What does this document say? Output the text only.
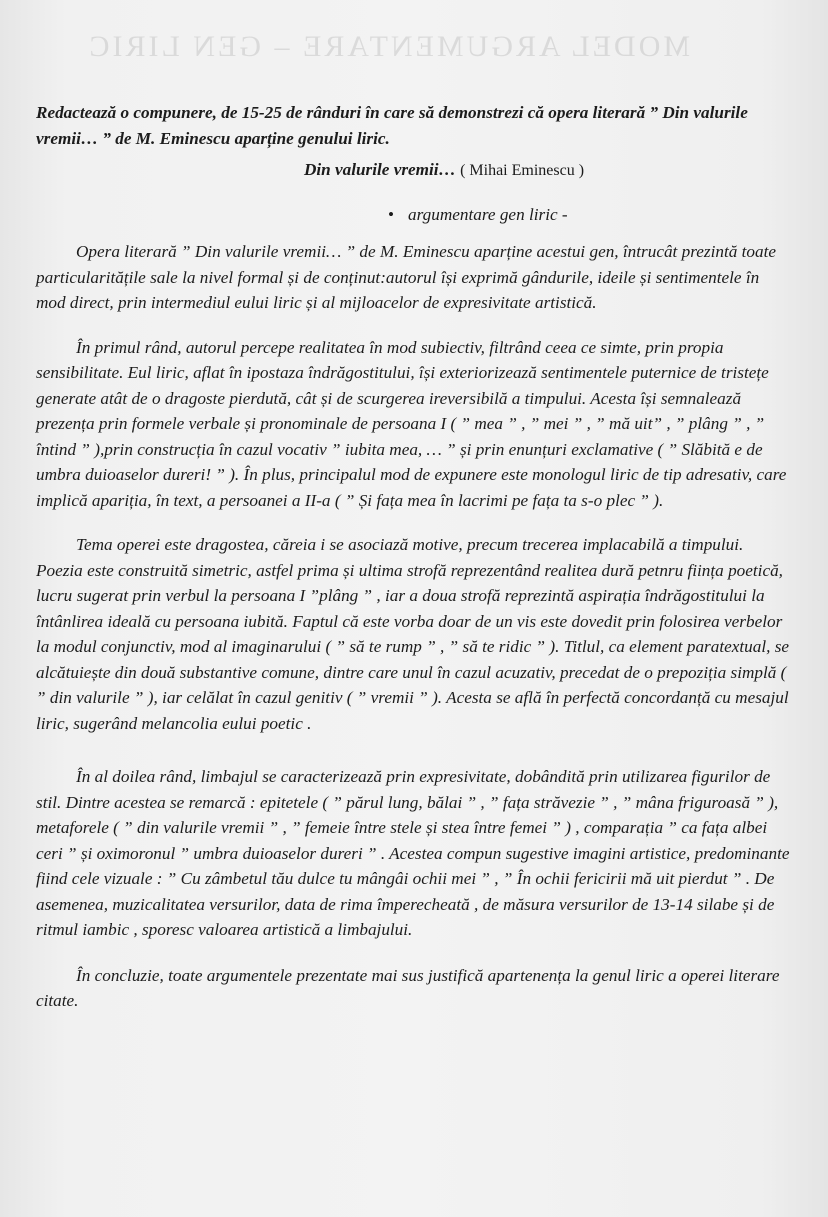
MODEL ARGUMENTARE – GEN LIRIC

Redactează o compunere, de 15-25 de rânduri în care să demonstrezi că opera literară ” Din valurile vremii… ” de M. Eminescu aparține genului liric.

Din valurile vremii… ( Mihai Eminescu )
• argumentare gen liric -

Opera literară ” Din valurile vremii… ” de M. Eminescu aparține acestui gen, întrucât prezintă toate particularitățile sale la nivel formal și de conținut:autorul își exprimă gândurile, ideile și sentimentele în mod direct, prin intermediul eului liric și al mijloacelor de expresivitate artistică.

În primul rând, autorul percepe realitatea în mod subiectiv, filtrând ceea ce simte, prin propia sensibilitate. Eul liric, aflat în ipostaza îndrăgostitului, își exteriorizează sentimentele puternice de tristețe generate atât de o dragoste pierdută, cât și de scurgerea ireversibilă a timpului. Acesta își semnalează prezența prin formele verbale și pronominale de persoana I ( ” mea ” , ” mei ” , ” mă uit” , ” plâng ” , ” întind ” ),prin construcția în cazul vocativ ” iubita mea, … ” și prin enunțuri exclamative ( ” Slăbită e de umbra duioaselor dureri! ” ). În plus, principalul mod de expunere este monologul liric de tip adresativ, care implică apariția, în text, a persoanei a II-a ( ” Și fața mea în lacrimi pe fața ta s-o plec ” ).

Tema operei este dragostea, căreia i se asociază motive, precum trecerea implacabilă a timpului. Poezia este construită simetric, astfel prima și ultima strofă reprezentând realitea dură petnru ființa poetică, lucru sugerat prin verbul la persoana I ”plâng ” , iar a doua strofă reprezintă aspirația îndrăgostitului la întânlirea ideală cu persoana iubită. Faptul că este vorba doar de un vis este dovedit prin folosirea verbelor la modul conjunctiv, mod al imaginarului ( ” să te rump ” , ” să te ridic ” ). Titlul, ca element paratextual, se alcătuiește din două substantive comune, dintre care unul în cazul acuzativ, precedat de o prepoziția simplă ( ” din valurile ” ), iar celălat în cazul genitiv ( ” vremii ” ). Acesta se află în perfectă concordanță cu mesajul liric, sugerând melancolia eului poetic .

În al doilea rând, limbajul se caracterizează prin expresivitate, dobândită prin utilizarea figurilor de stil. Dintre acestea se remarcă : epitetele ( ” părul lung, bălai ” , ” fața străvezie ” , ” mâna friguroasă ” ), metaforele ( ” din valurile vremii ” , ” femeie între stele și stea între femei ” ) , comparația ” ca fața albei ceri ” și oximoronul ” umbra duioaselor dureri ” . Acestea compun sugestive imagini artistice, predominante fiind cele vizuale : ” Cu zâmbetul tău dulce tu mângâi ochii mei ” , ” În ochii fericirii mă uit pierdut ” . De asemenea, muzicalitatea versurilor, data de rima împerecheată , de măsura versurilor de 13-14 silabe și de ritmul iambic , sporesc valoarea artistică a limbajului.

În concluzie, toate argumentele prezentate mai sus justifică apartenența la genul liric a operei literare citate.
